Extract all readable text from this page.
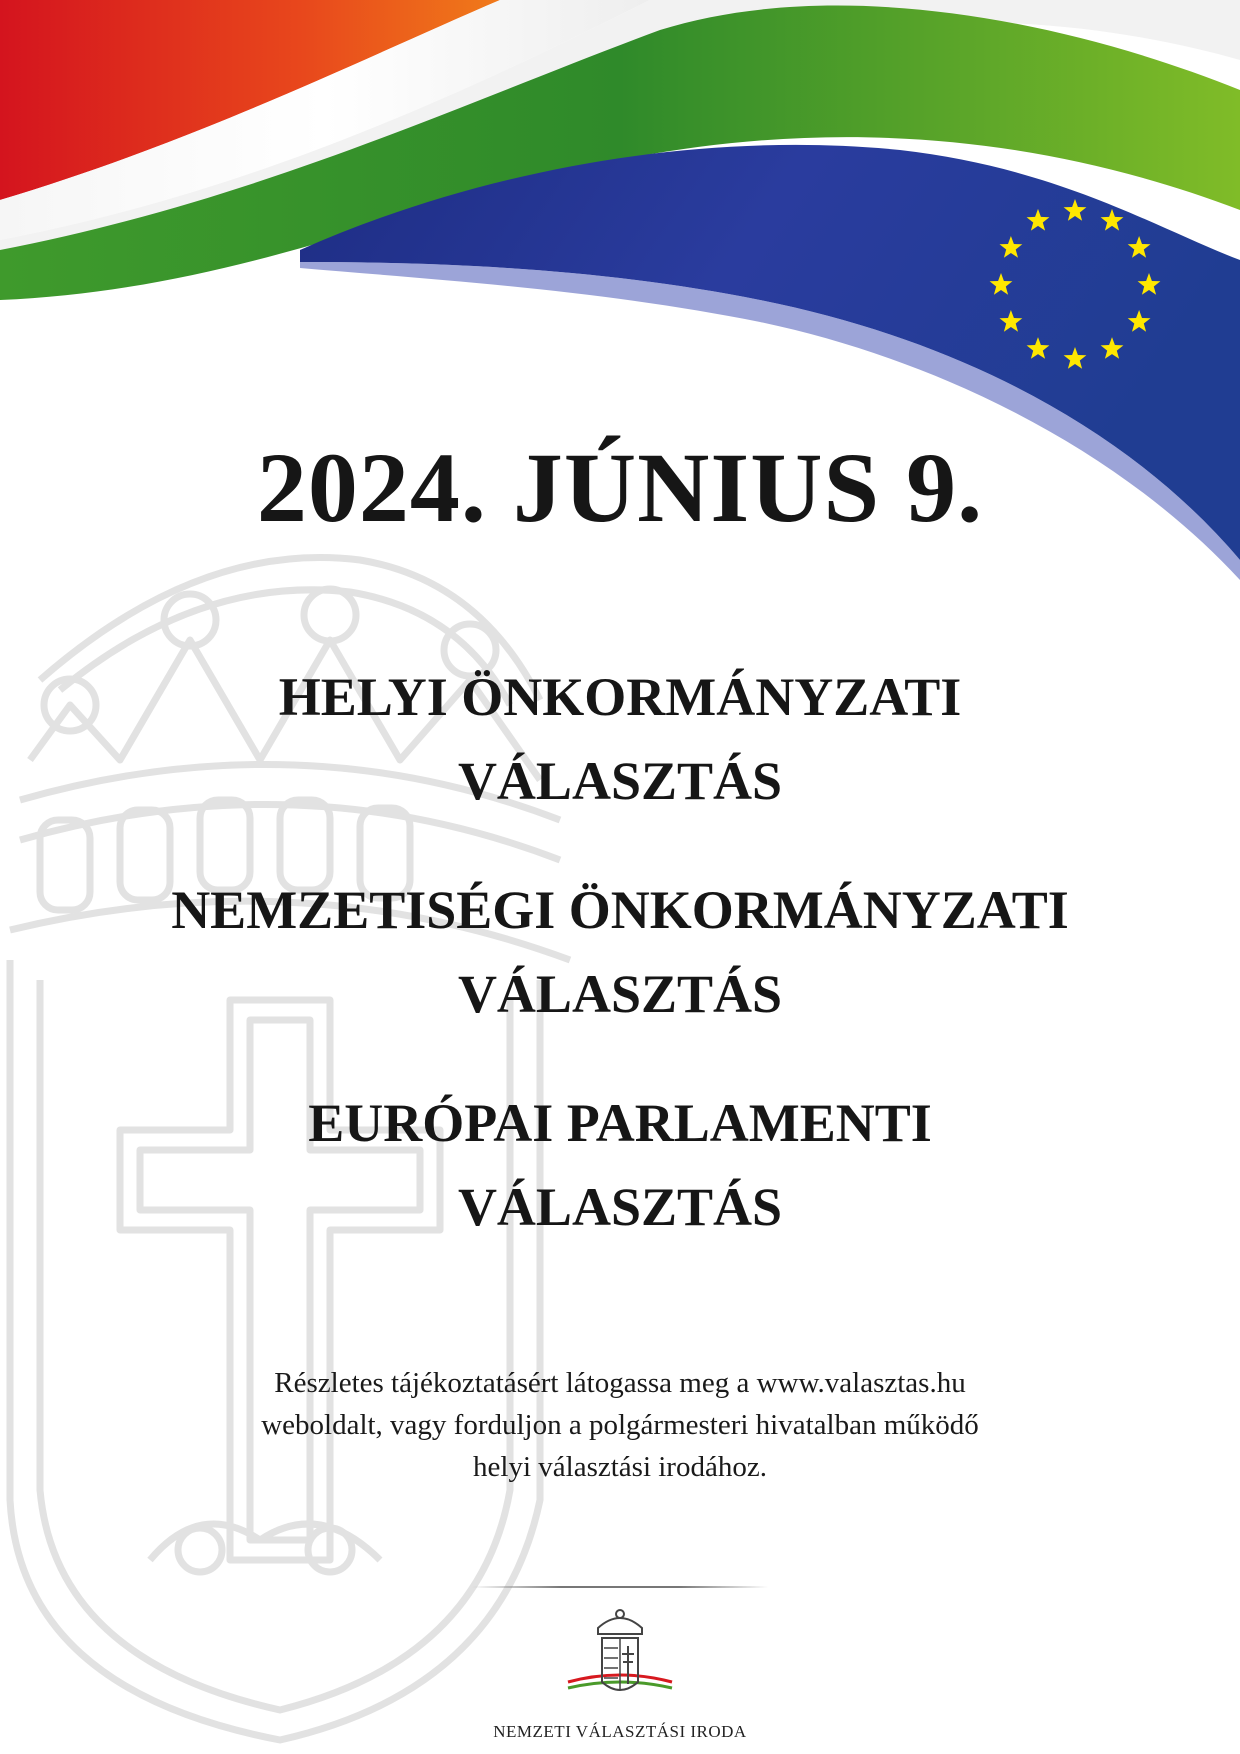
2024. JÚNIUS 9.
HELYI ÖNKORMÁNYZATI
VÁLASZTÁS
NEMZETISÉGI ÖNKORMÁNYZATI
VÁLASZTÁS
EURÓPAI PARLAMENTI
VÁLASZTÁS
Részletes tájékoztatásért látogassa meg a www.valasztas.hu
weboldalt, vagy forduljon a polgármesteri hivatalban működő
helyi választási irodához.
NEMZETI VÁLASZTÁSI IRODA
